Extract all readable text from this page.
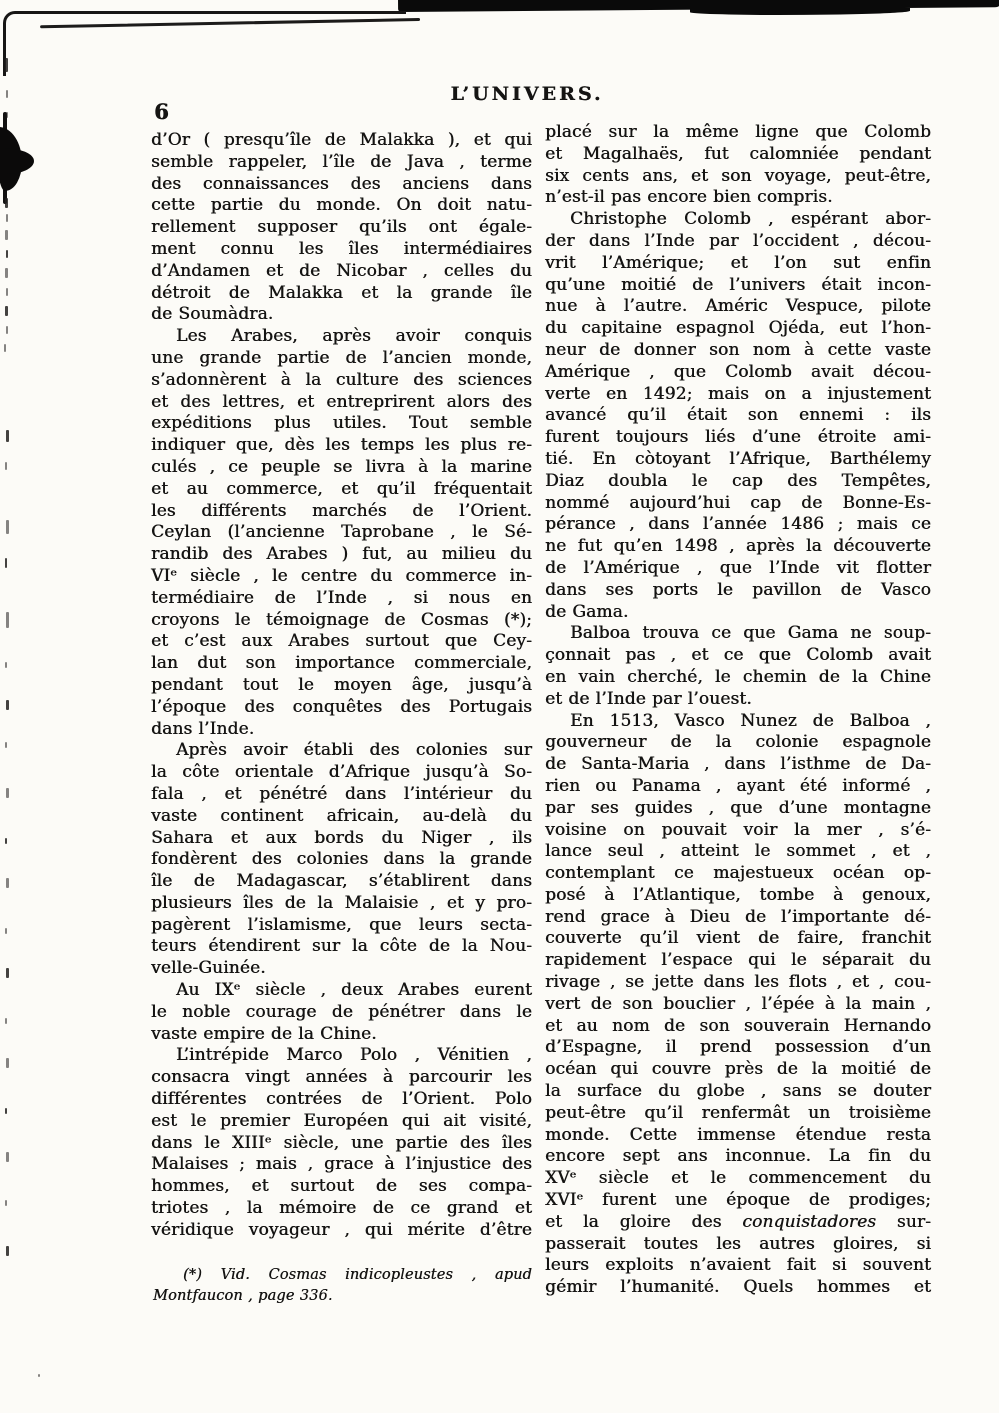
6
L’UNIVERS.
d’Or ( presqu’île de Malakka ), et qui
semble rappeler, l’île de Java , terme
des connaissances des anciens dans
cette partie du monde. On doit natu-
rellement supposer qu’ils ont égale-
ment connu les îles intermédiaires
d’Andamen et de Nicobar , celles du
détroit de Malakka et la grande île
de Soumàdra.
Les Arabes, après avoir conquis
une grande partie de l’ancien monde,
s’adonnèrent à la culture des sciences
et des lettres, et entreprirent alors des
expéditions plus utiles. Tout semble
indiquer que, dès les temps les plus re-
culés , ce peuple se livra à la marine
et au commerce, et qu’il fréquentait
les différents marchés de l’Orient.
Ceylan (l’ancienne Taprobane , le Sé-
randib des Arabes ) fut, au milieu du
VIᵉ siècle , le centre du commerce in-
termédiaire de l’Inde , si nous en
croyons le témoignage de Cosmas (*);
et c’est aux Arabes surtout que Cey-
lan dut son importance commerciale,
pendant tout le moyen âge, jusqu’à
l’époque des conquêtes des Portugais
dans l’Inde.
Après avoir établi des colonies sur
la côte orientale d’Afrique jusqu’à So-
fala , et pénétré dans l’intérieur du
vaste continent africain, au-delà du
Sahara et aux bords du Niger , ils
fondèrent des colonies dans la grande
île de Madagascar, s’établirent dans
plusieurs îles de la Malaisie , et y pro-
pagèrent l’islamisme, que leurs secta-
teurs étendirent sur la côte de la Nou-
velle-Guinée.
Au IXᵉ siècle , deux Arabes eurent
le noble courage de pénétrer dans le
vaste empire de la Chine.
L’intrépide Marco Polo , Vénitien ,
consacra vingt années à parcourir les
différentes contrées de l’Orient. Polo
est le premier Européen qui ait visité,
dans le XIIIᵉ siècle, une partie des îles
Malaises ; mais , grace à l’injustice des
hommes, et surtout de ses compa-
triotes , la mémoire de ce grand et
véridique voyageur , qui mérite d’être
placé sur la même ligne que Colomb
et Magalhaës, fut calomniée pendant
six cents ans, et son voyage, peut-être,
n’est-il pas encore bien compris.
Christophe Colomb , espérant abor-
der dans l’Inde par l’occident , décou-
vrit l’Amérique; et l’on sut enfin
qu’une moitié de l’univers était incon-
nue à l’autre. Améric Vespuce, pilote
du capitaine espagnol Ojéda, eut l’hon-
neur de donner son nom à cette vaste
Amérique , que Colomb avait décou-
verte en 1492; mais on a injustement
avancé qu’il était son ennemi : ils
furent toujours liés d’une étroite ami-
tié. En còtoyant l’Afrique, Barthélemy
Diaz doubla le cap des Tempêtes,
nommé aujourd’hui cap de Bonne-Es-
pérance , dans l’année 1486 ; mais ce
ne fut qu’en 1498 , après la découverte
de l’Amérique , que l’Inde vit flotter
dans ses ports le pavillon de Vasco
de Gama.
Balboa trouva ce que Gama ne soup-
çonnait pas , et ce que Colomb avait
en vain cherché, le chemin de la Chine
et de l’Inde par l’ouest.
En 1513, Vasco Nunez de Balboa ,
gouverneur de la colonie espagnole
de Santa-Maria , dans l’isthme de Da-
rien ou Panama , ayant été informé ,
par ses guides , que d’une montagne
voisine on pouvait voir la mer , s’é-
lance seul , atteint le sommet , et ,
contemplant ce majestueux océan op-
posé à l’Atlantique, tombe à genoux,
rend grace à Dieu de l’importante dé-
couverte qu’il vient de faire, franchit
rapidement l’espace qui le séparait du
rivage , se jette dans les flots , et , cou-
vert de son bouclier , l’épée à la main ,
et au nom de son souverain Hernando
d’Espagne, il prend possession d’un
océan qui couvre près de la moitié de
la surface du globe , sans se douter
peut-être qu’il renfermât un troisième
monde. Cette immense étendue resta
encore sept ans inconnue. La fin du
XVᵉ siècle et le commencement du
XVIᵉ furent une époque de prodiges;
et la gloire des conquistadores sur-
passerait toutes les autres gloires, si
leurs exploits n’avaient fait si souvent
gémir l’humanité. Quels hommes et
(*) Vid. Cosmas indicopleustes , apud
Montfaucon , page 336.
